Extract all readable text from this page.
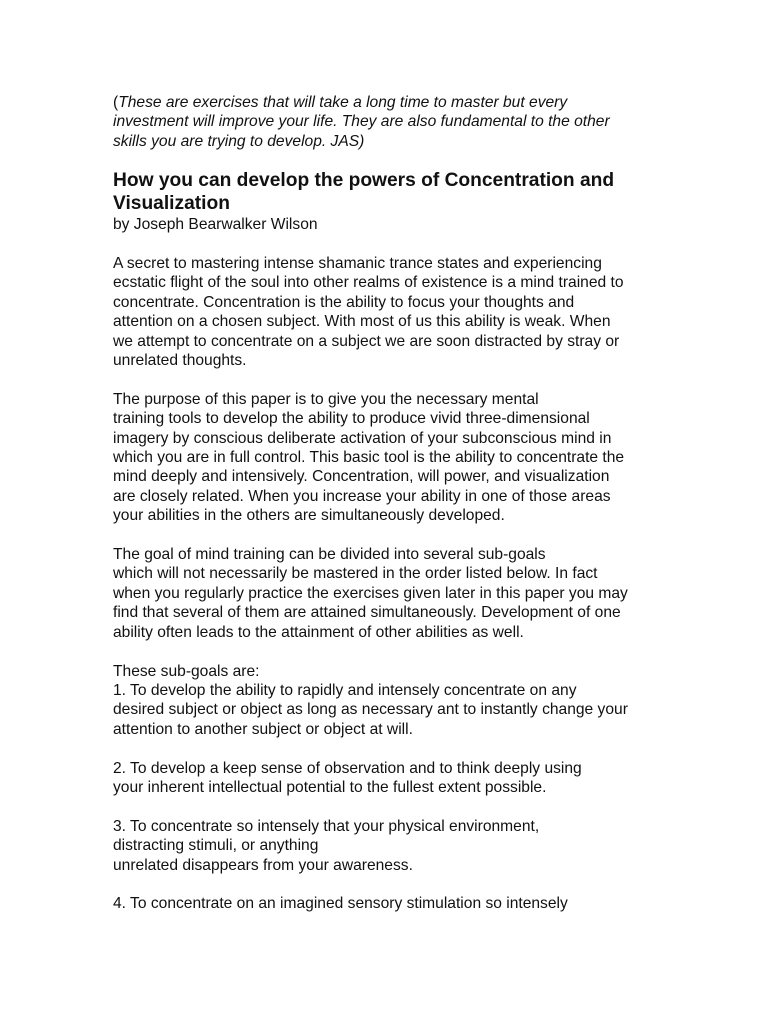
(These are exercises that will take a long time to master but every
investment will improve your life. They are also fundamental to the other
skills you are trying to develop. JAS)

How you can develop the powers of Concentration and
Visualization

by Joseph Bearwalker Wilson

A secret to mastering intense shamanic trance states and experiencing
ecstatic flight of the soul into other realms of existence is a mind trained to
concentrate. Concentration is the ability to focus your thoughts and
attention on a chosen subject. With most of us this ability is weak. When
we attempt to concentrate on a subject we are soon distracted by stray or
unrelated thoughts.

The purpose of this paper is to give you the necessary mental
training tools to develop the ability to produce vivid three-dimensional
imagery by conscious deliberate activation of your subconscious mind in
which you are in full control. This basic tool is the ability to concentrate the
mind deeply and intensively. Concentration, will power, and visualization
are closely related. When you increase your ability in one of those areas
your abilities in the others are simultaneously developed.

The goal of mind training can be divided into several sub-goals
which will not necessarily be mastered in the order listed below. In fact
when you regularly practice the exercises given later in this paper you may
find that several of them are attained simultaneously. Development of one
ability often leads to the attainment of other abilities as well.

These sub-goals are:

1. To develop the ability to rapidly and intensely concentrate on any
desired subject or object as long as necessary ant to instantly change your
attention to another subject or object at will.

2. To develop a keep sense of observation and to think deeply using
your inherent intellectual potential to the fullest extent possible.

3. To concentrate so intensely that your physical environment,
distracting stimuli, or anything
unrelated disappears from your awareness.

4. To concentrate on an imagined sensory stimulation so intensely
